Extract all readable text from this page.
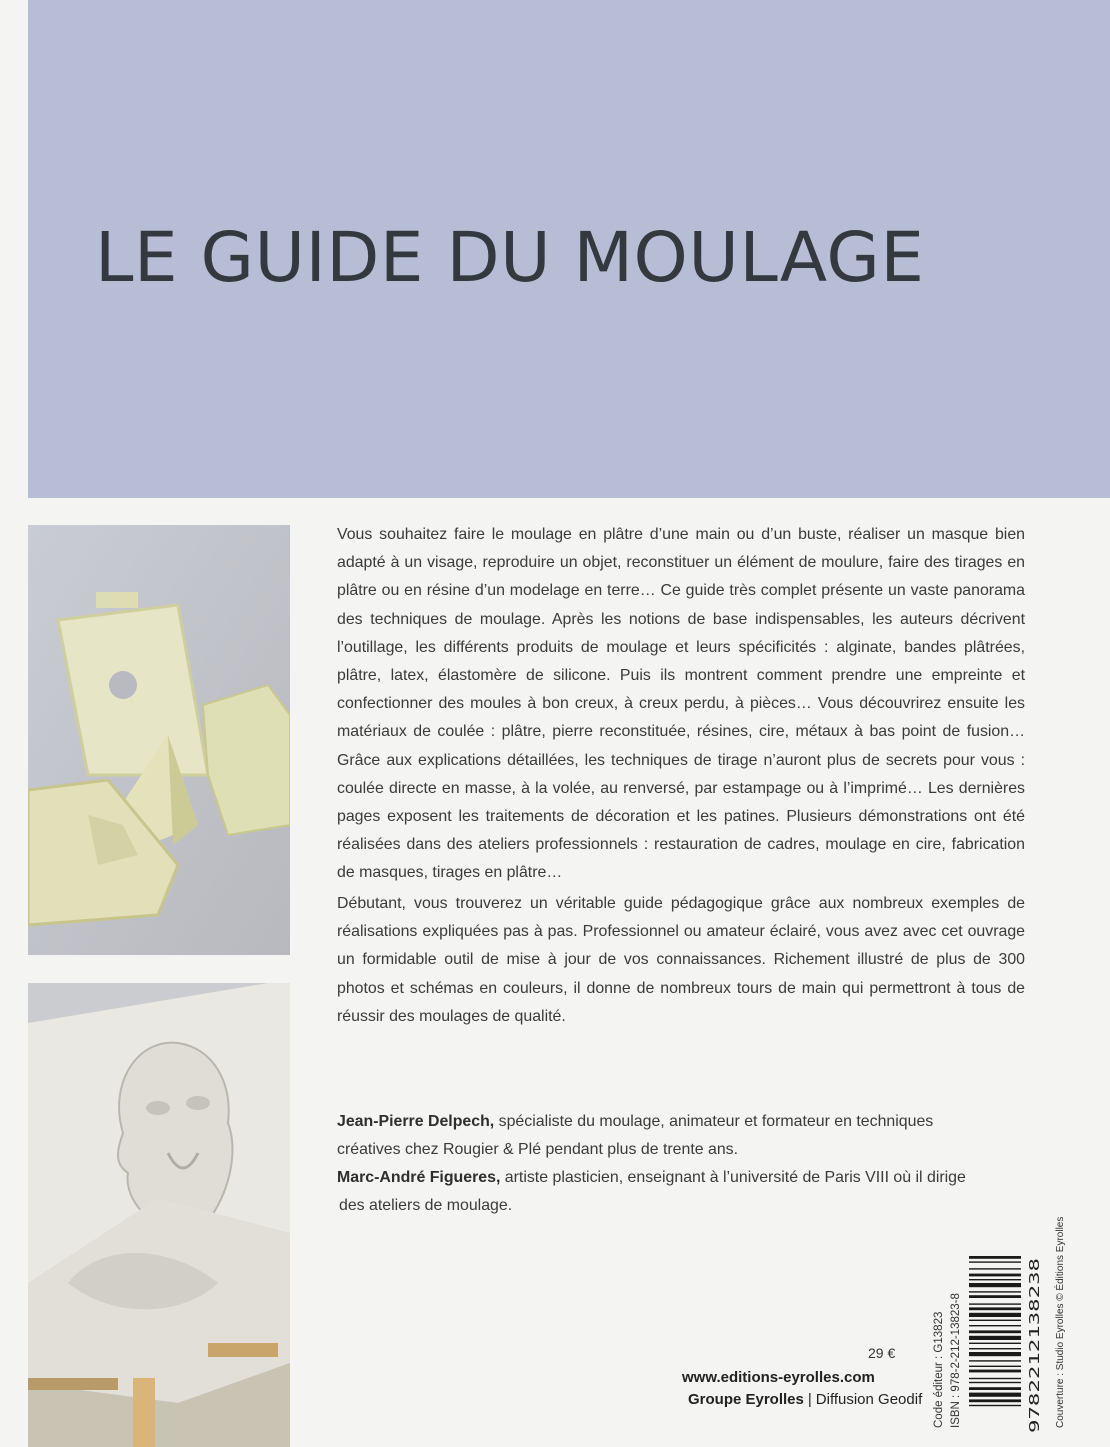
LE GUIDE DU MOULAGE

Vous souhaitez faire le moulage en plâtre d’une main ou d’un buste, réaliser un masque bien adapté à un visage, reproduire un objet, reconstituer un élément de moulure, faire des tirages en plâtre ou en résine d’un modelage en terre… Ce guide très complet présente un vaste panorama des techniques de moulage. Après les notions de base indispensables, les auteurs décrivent l’outillage, les différents produits de moulage et leurs spécificités : alginate, bandes plâtrées, plâtre, latex, élastomère de silicone. Puis ils montrent comment prendre une empreinte et confectionner des moules à bon creux, à creux perdu, à pièces… Vous découvrirez ensuite les matériaux de coulée : plâtre, pierre reconstituée, résines, cire, métaux à bas point de fusion… Grâce aux explications détaillées, les techniques de tirage n’auront plus de secrets pour vous : coulée directe en masse, à la volée, au renversé, par estampage ou à l’imprimé… Les dernières pages exposent les traitements de décoration et les patines. Plusieurs démonstrations ont été réalisées dans des ateliers professionnels : restauration de cadres, moulage en cire, fabrication de masques, tirages en plâtre…

Débutant, vous trouverez un véritable guide pédagogique grâce aux nombreux exemples de réalisations expliquées pas à pas. Professionnel ou amateur éclairé, vous avez avec cet ouvrage un formidable outil de mise à jour de vos connaissances. Richement illustré de plus de 300 photos et schémas en couleurs, il donne de nombreux tours de main qui permettront à tous de réussir des moulages de qualité.

Jean-Pierre Delpech, spécialiste du moulage, animateur et formateur en techniques

créatives chez Rougier & Plé pendant plus de trente ans.

Marc-André Figueres, artiste plasticien, enseignant à l’université de Paris VIII où il dirige

des ateliers de moulage.

29 €
www.editions-eyrolles.com
Groupe Eyrolles | Diffusion Geodif Code éditeur : G13823 ISBN : 978-2-212-13823-8	Couverture : Studio Eyrolles © Éditions Eyrolles
9782212138238
